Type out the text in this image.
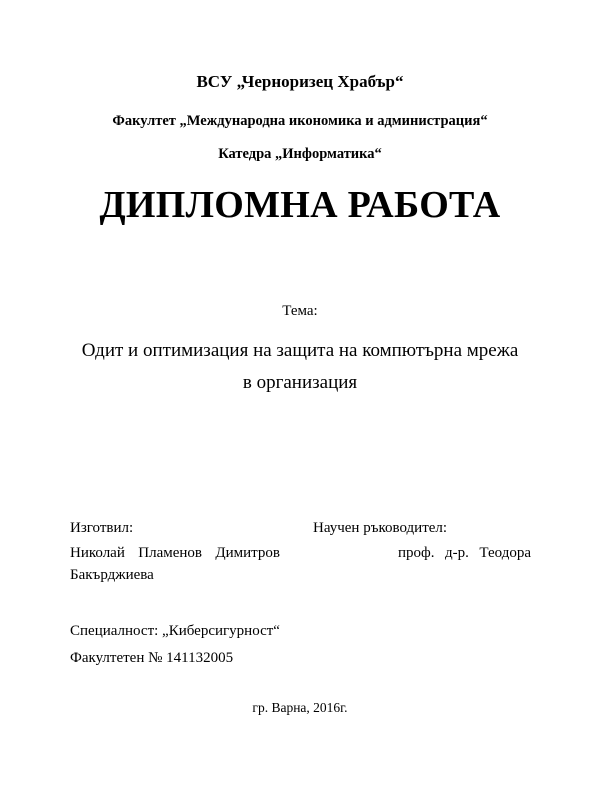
ВСУ „Черноризец Храбър“
Факултет „Международна икономика и администрация“
Катедра „Информатика“
ДИПЛОМНА РАБОТА
Тема:
Одит и оптимизация на защита на компютърна мрежа
в организация
Изготвил:	Научен ръководител:
Николай Пламенов Димитров	проф. д-р. Теодора
Бакърджиева
Специалност: „Киберсигурност“
Факултетен № 141132005
гр. Варна, 2016г.
